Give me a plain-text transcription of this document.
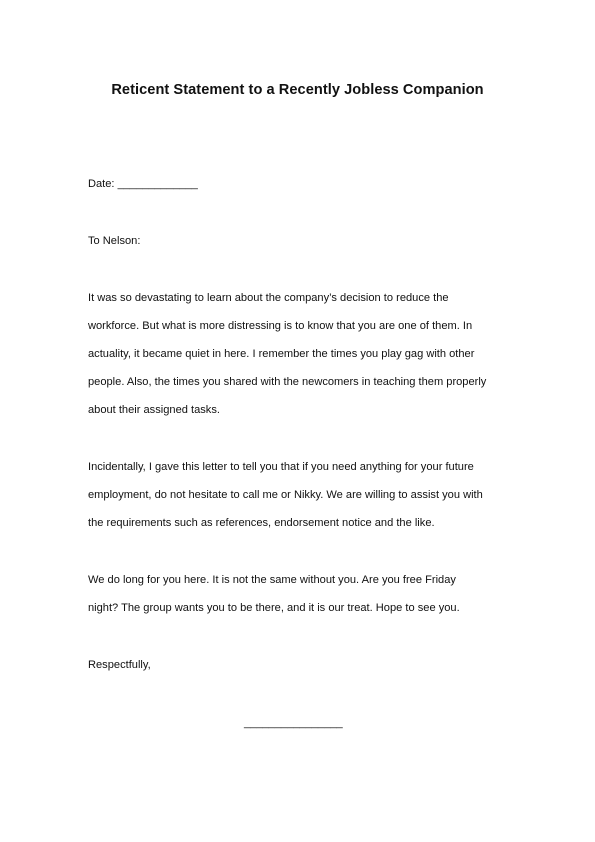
Reticent Statement to a Recently Jobless Companion
Date: _____________
To Nelson:
It was so devastating to learn about the company’s decision to reduce the
workforce. But what is more distressing is to know that you are one of them. In
actuality, it became quiet in here. I remember the times you play gag with other
people. Also, the times you shared with the newcomers in teaching them properly
about their assigned tasks.
Incidentally, I gave this letter to tell you that if you need anything for your future
employment, do not hesitate to call me or Nikky. We are willing to assist you with
the requirements such as references, endorsement notice and the like.
We do long for you here. It is not the same without you. Are you free Friday
night? The group wants you to be there, and it is our treat. Hope to see you.
Respectfully,
________________
